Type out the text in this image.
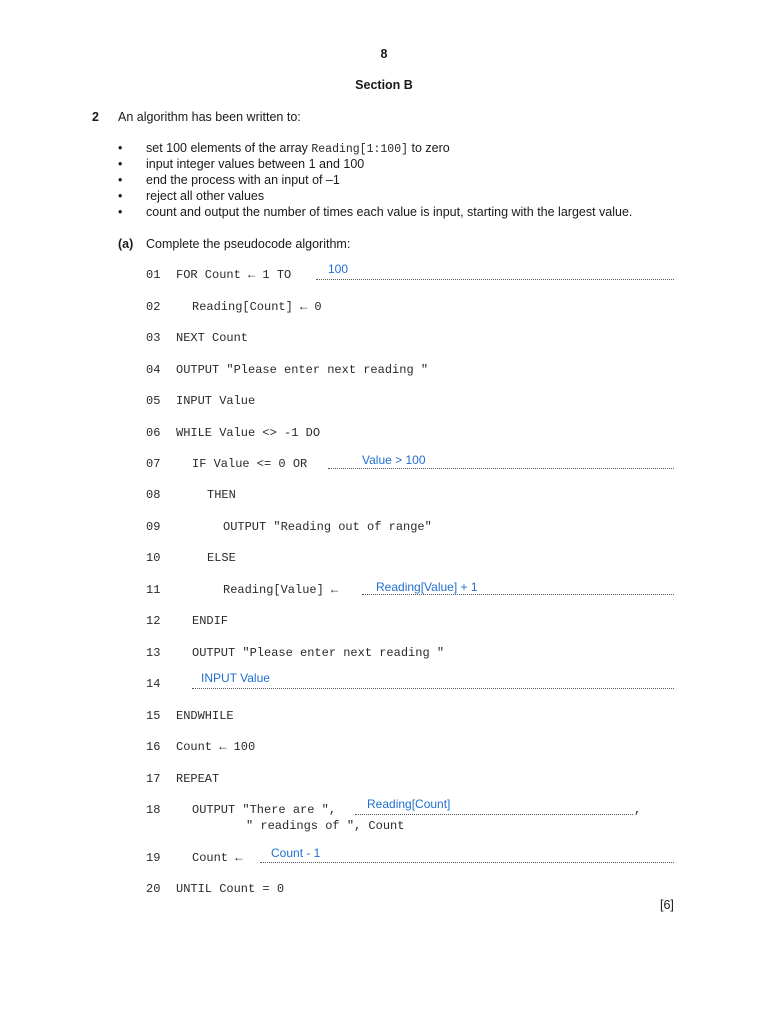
8
Section B
2 An algorithm has been written to:
• set 100 elements of the array Reading[1:100] to zero
• input integer values between 1 and 100
• end the process with an input of –1
• reject all other values
• count and output the number of times each value is input, starting with the largest value.
(a) Complete the pseudocode algorithm:
01 FOR Count ← 1 TO	100
02	Reading[Count] ← 0
03 NEXT Count
04 OUTPUT "Please enter next reading "
05 INPUT Value
06 WHILE Value <> -1 DO
07	IF Value <= 0 OR	Value > 100
08	THEN
09	OUTPUT "Reading out of range"
10	ELSE
11	Reading[Value] ←	Reading[Value] + 1
12	ENDIF
13	OUTPUT "Please enter next reading "
14	INPUT Value
15 ENDWHILE
16 Count ← 100
17 REPEAT
18	OUTPUT "There are ",	,
Reading[Count]
" readings of ", Count
19	Count ← Count - 1
20 UNTIL Count = 0
[6]
